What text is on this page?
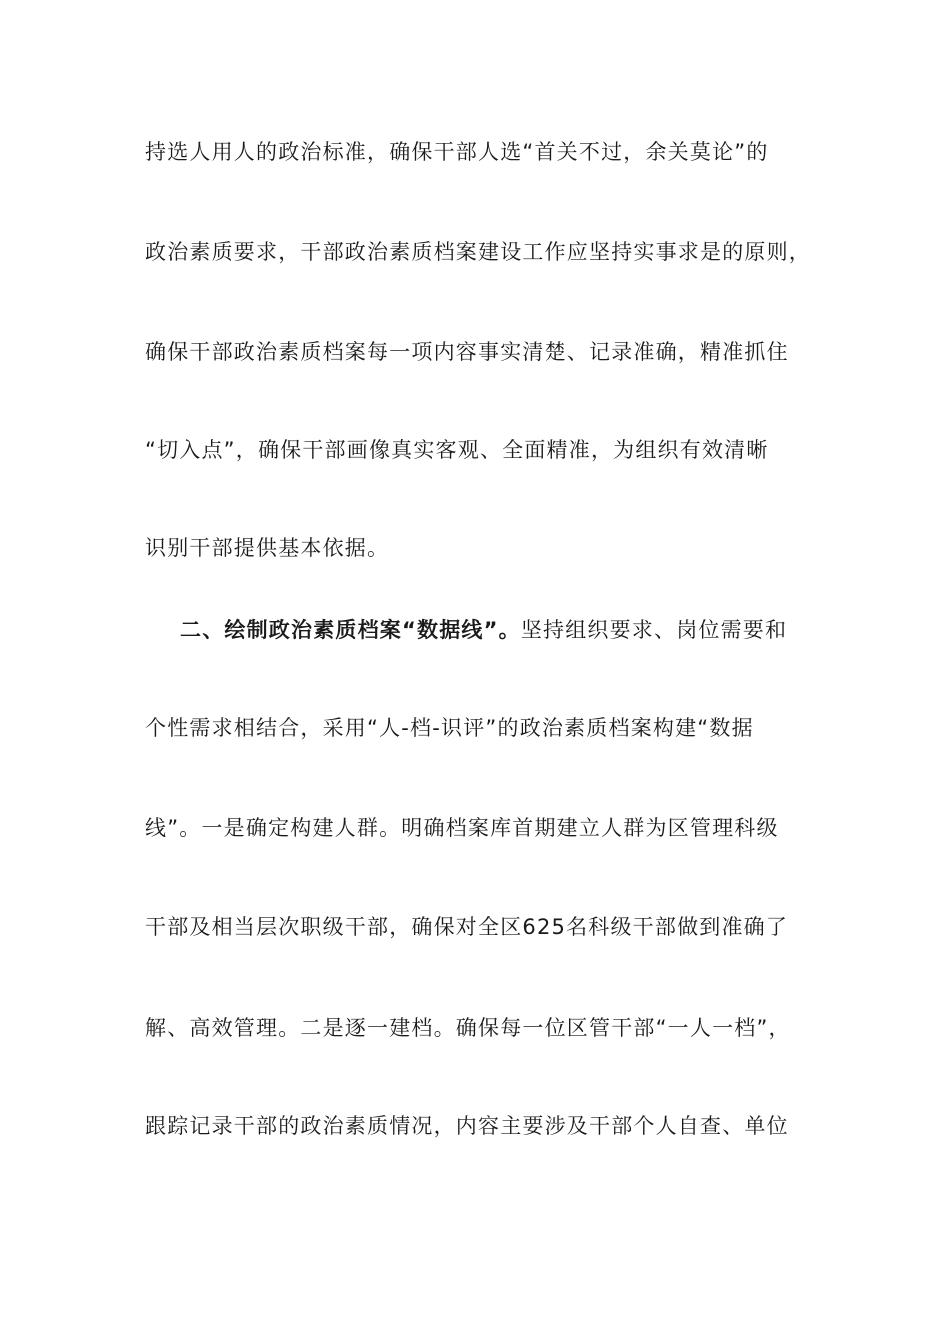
持选人用人的政治标准，确保干部人选“首关不过，余关莫论”的
政治素质要求，干部政治素质档案建设工作应坚持实事求是的原则，
确保干部政治素质档案每一项内容事实清楚、记录准确，精准抓住
“切入点”，确保干部画像真实客观、全面精准，为组织有效清晰
识别干部提供基本依据。
二、绘制政治素质档案“数据线”。坚持组织要求、岗位需要和
个性需求相结合，采用“人-档-识评”的政治素质档案构建“数据
线”。一是确定构建人群。明确档案库首期建立人群为区管理科级
干部及相当层次职级干部，确保对全区625名科级干部做到准确了
解、高效管理。二是逐一建档。确保每一位区管干部“一人一档”，
跟踪记录干部的政治素质情况，内容主要涉及干部个人自查、单位
